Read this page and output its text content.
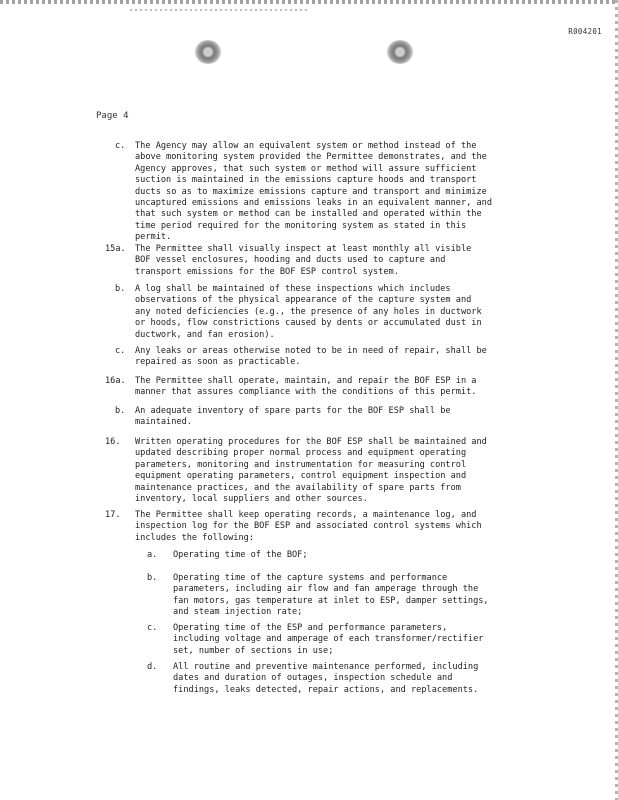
R004201
Page 4
c. The Agency may allow an equivalent system or method instead of the
above monitoring system provided the Permittee demonstrates, and the
Agency approves, that such system or method will assure sufficient
suction is maintained in the emissions capture hoods and transport
ducts so as to maximize emissions capture and transport and minimize
uncaptured emissions and emissions leaks in an equivalent manner, and
that such system or method can be installed and operated within the
time period required for the monitoring system as stated in this
permit.
15a. The Permittee shall visually inspect at least monthly all visible
BOF vessel enclosures, hooding and ducts used to capture and
transport emissions for the BOF ESP control system.
b. A log shall be maintained of these inspections which includes
observations of the physical appearance of the capture system and
any noted deficiencies (e.g., the presence of any holes in ductwork
or hoods, flow constrictions caused by dents or accumulated dust in
ductwork, and fan erosion).
c. Any leaks or areas otherwise noted to be in need of repair, shall be
repaired as soon as practicable.
16a. The Permittee shall operate, maintain, and repair the BOF ESP in a
manner that assures compliance with the conditions of this permit.
b. An adequate inventory of spare parts for the BOF ESP shall be
maintained.
16. Written operating procedures for the BOF ESP shall be maintained and
updated describing proper normal process and equipment operating
parameters, monitoring and instrumentation for measuring control
equipment operating parameters, control equipment inspection and
maintenance practices, and the availability of spare parts from
inventory, local suppliers and other sources.
17. The Permittee shall keep operating records, a maintenance log, and
inspection log for the BOF ESP and associated control systems which
includes the following:
a. Operating time of the BOF;
b. Operating time of the capture systems and performance
parameters, including air flow and fan amperage through the
fan motors, gas temperature at inlet to ESP, damper settings,
and steam injection rate;
c. Operating time of the ESP and performance parameters,
including voltage and amperage of each transformer/rectifier
set, number of sections in use;
d. All routine and preventive maintenance performed, including
dates and duration of outages, inspection schedule and
findings, leaks detected, repair actions, and replacements.
